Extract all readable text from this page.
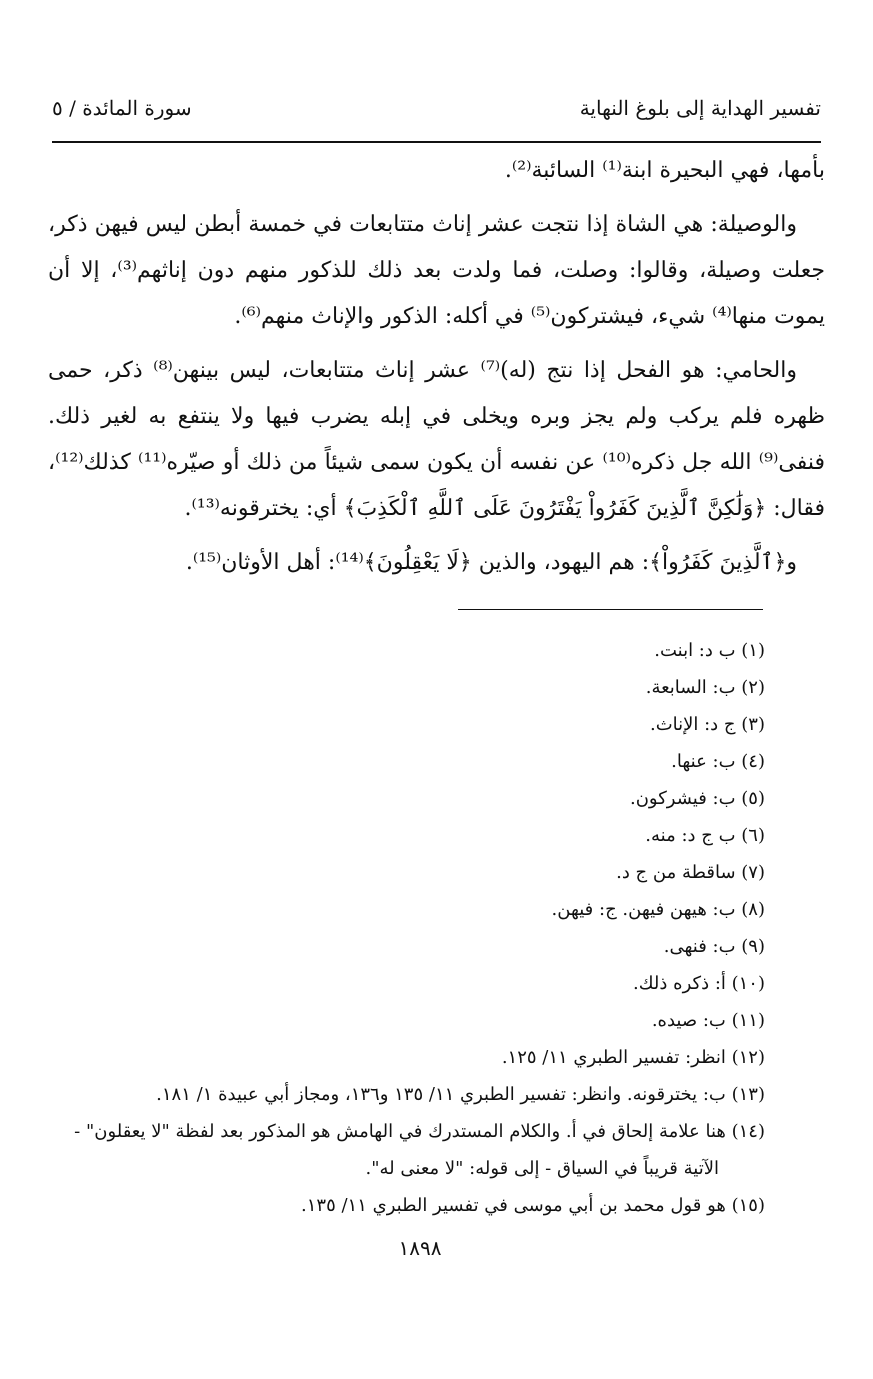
تفسير الهداية إلى بلوغ النهاية
سورة المائدة / ٥

بأمها، فهي البحيرة ابنة⁽¹⁾ السائبة⁽²⁾.

والوصيلة: هي الشاة إذا نتجت عشر إناث متتابعات في خمسة أبطن ليس فيهن ذكر، جعلت وصيلة، وقالوا: وصلت، فما ولدت بعد ذلك للذكور منهم دون إناثهم⁽³⁾، إلا أن يموت منها⁽⁴⁾ شيء، فيشتركون⁽⁵⁾ في أكله: الذكور والإناث منهم⁽⁶⁾.

والحامي: هو الفحل إذا نتج (له)⁽⁷⁾ عشر إناث متتابعات، ليس بينهن⁽⁸⁾ ذكر، حمى ظهره فلم يركب ولم يجز وبره ويخلى في إبله يضرب فيها ولا ينتفع به لغير ذلك. فنفى⁽⁹⁾ الله جل ذكره⁽¹⁰⁾ عن نفسه أن يكون سمى شيئاً من ذلك أو صيّره⁽¹¹⁾ كذلك⁽¹²⁾، فقال: ﴿وَلَٰكِنَّ ٱلَّذِينَ كَفَرُواْ يَفْتَرُونَ عَلَى ٱللَّهِ ٱلْكَذِبَ﴾ أي: يخترقونه⁽¹³⁾.

و﴿ٱلَّذِينَ كَفَرُواْ﴾: هم اليهود، والذين ﴿لَا يَعْقِلُونَ﴾⁽¹⁴⁾: أهل الأوثان⁽¹⁵⁾.

(١) ب د: ابنت.
(٢) ب: السابعة.
(٣) ج د: الإناث.
(٤) ب: عنها.
(٥) ب: فيشركون.
(٦) ب ج د: منه.
(٧) ساقطة من ج د.
(٨) ب: هيهن فيهن. ج: فيهن.
(٩) ب: فنهى.
(١٠) أ: ذكره ذلك.
(١١) ب: صيده.
(١٢) انظر: تفسير الطبري ١١/ ١٢٥.
(١٣) ب: يخترقونه. وانظر: تفسير الطبري ١١/ ١٣٥ و١٣٦، ومجاز أبي عبيدة ١/ ١٨١.
(١٤) هنا علامة إلحاق في أ. والكلام المستدرك في الهامش هو المذكور بعد لفظة "لا يعقلون" -
الآتية قريباً في السياق - إلى قوله: "لا معنى له".
(١٥) هو قول محمد بن أبي موسى في تفسير الطبري ١١/ ١٣٥.
١٨٩٨
